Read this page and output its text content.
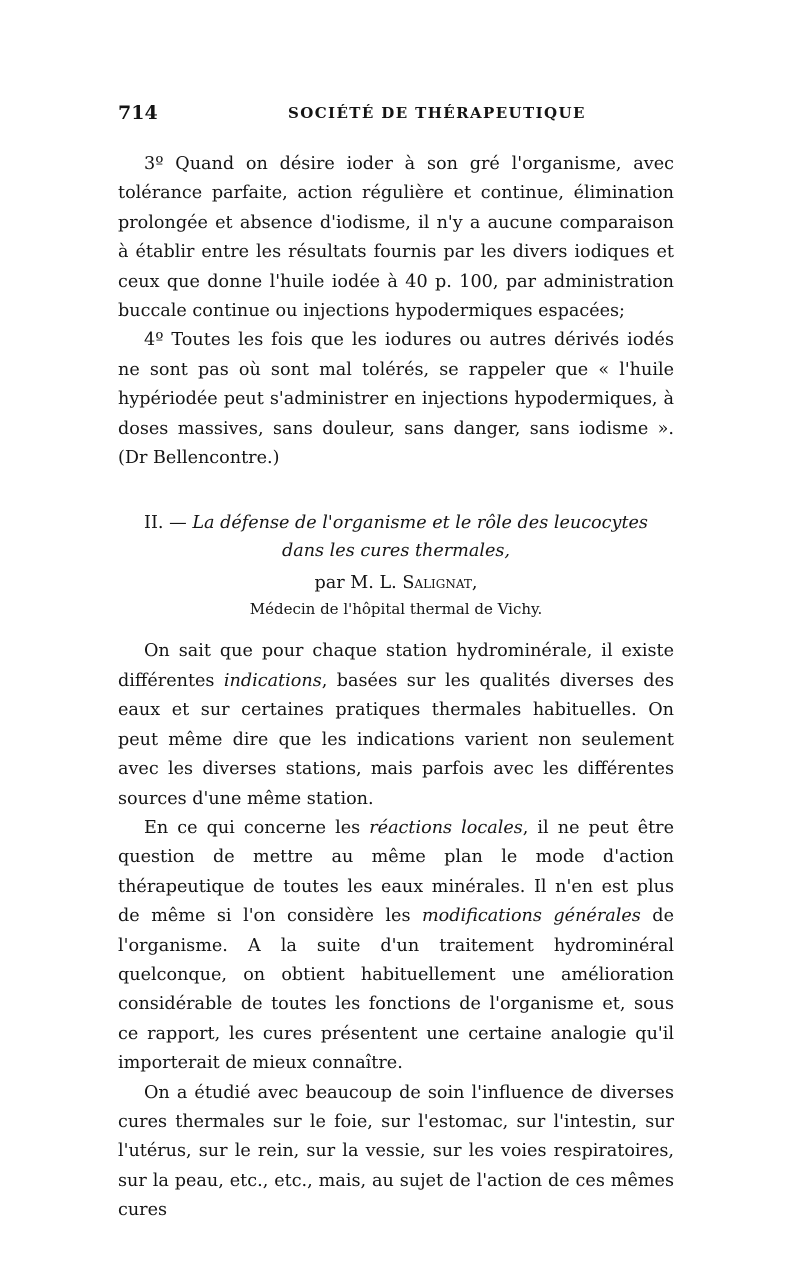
714	SOCIÉTÉ DE THÉRAPEUTIQUE

3º Quand on désire ioder à son gré l'organisme, avec tolérance parfaite, action régulière et continue, élimination prolongée et absence d'iodisme, il n'y a aucune comparaison à établir entre les résultats fournis par les divers iodiques et ceux que donne l'huile iodée à 40 p. 100, par administration buccale continue ou injections hypodermiques espacées;

4º Toutes les fois que les iodures ou autres dérivés iodés ne sont pas où sont mal tolérés, se rappeler que « l'huile hypériodée peut s'administrer en injections hypodermiques, à doses massives, sans douleur, sans danger, sans iodisme ». (Dr Bellencontre.)

II. — La défense de l'organisme et le rôle des leucocytes

dans les cures thermales,

par M. L. Salignat,

Médecin de l'hôpital thermal de Vichy.

On sait que pour chaque station hydrominérale, il existe différentes indications, basées sur les qualités diverses des eaux et sur certaines pratiques thermales habituelles. On peut même dire que les indications varient non seulement avec les diverses stations, mais parfois avec les différentes sources d'une même station.

En ce qui concerne les réactions locales, il ne peut être question de mettre au même plan le mode d'action thérapeutique de toutes les eaux minérales. Il n'en est plus de même si l'on considère les modifications générales de l'organisme. A la suite d'un traitement hydrominéral quelconque, on obtient habituellement une amélioration considérable de toutes les fonctions de l'organisme et, sous ce rapport, les cures présentent une certaine analogie qu'il importerait de mieux connaître.

On a étudié avec beaucoup de soin l'influence de diverses cures thermales sur le foie, sur l'estomac, sur l'intestin, sur l'utérus, sur le rein, sur la vessie, sur les voies respiratoires, sur la peau, etc., etc., mais, au sujet de l'action de ces mêmes cures
